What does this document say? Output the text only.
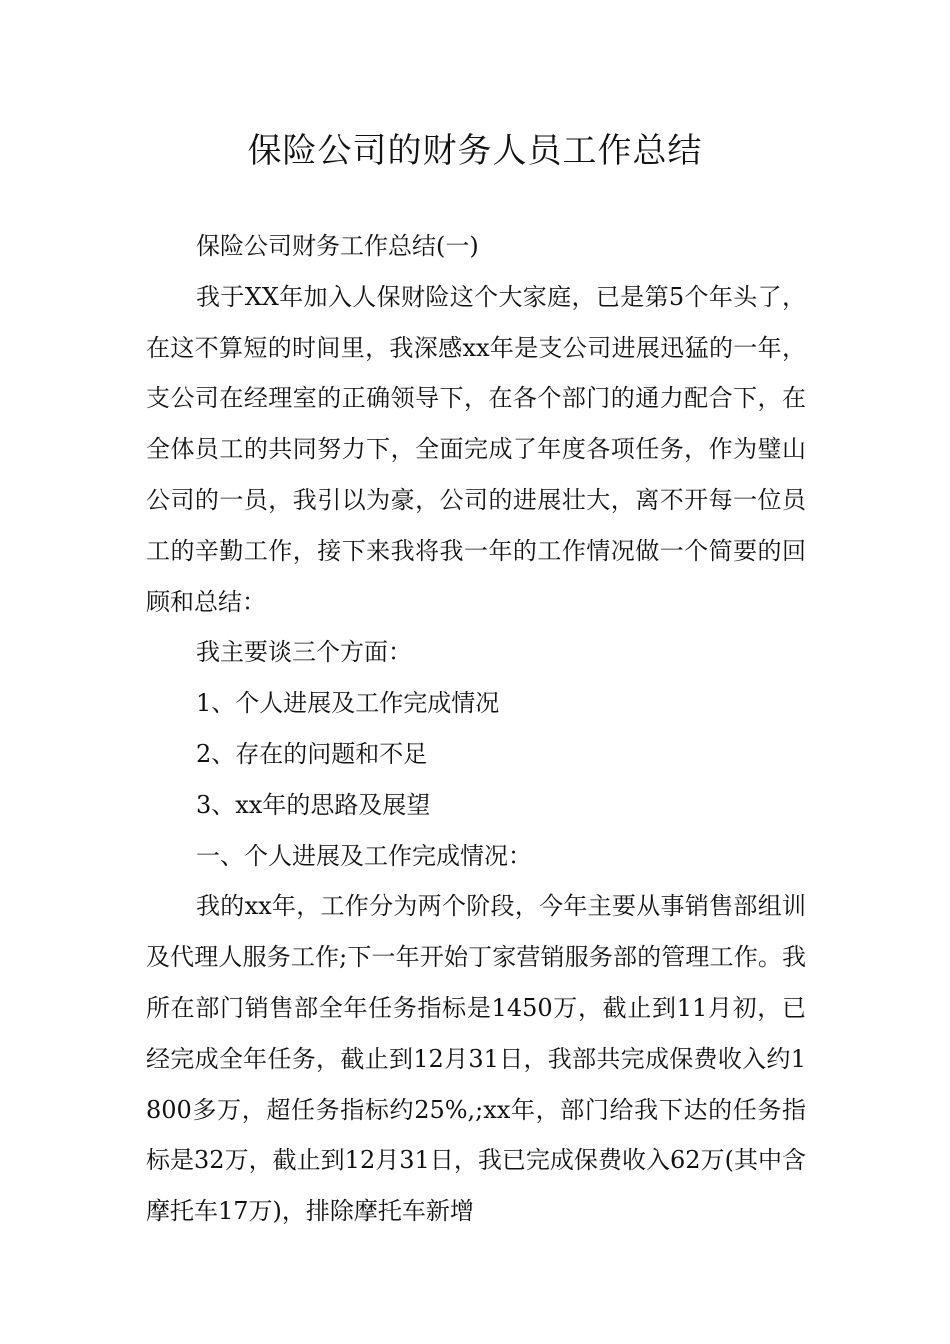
保险公司的财务人员工作总结

保险公司财务工作总结(一)

我于XX年加入人保财险这个大家庭，已是第5个年头了，在这不算短的时间里，我深感xx年是支公司进展迅猛的一年，支公司在经理室的正确领导下，在各个部门的通力配合下，在全体员工的共同努力下，全面完成了年度各项任务，作为璧山公司的一员，我引以为豪，公司的进展壮大，离不开每一位员工的辛勤工作，接下来我将我一年的工作情况做一个简要的回顾和总结：

我主要谈三个方面：

1、个人进展及工作完成情况

2、存在的问题和不足

3、xx年的思路及展望

一、个人进展及工作完成情况：

我的xx年，工作分为两个阶段，今年主要从事销售部组训及代理人服务工作;下一年开始丁家营销服务部的管理工作。我所在部门销售部全年任务指标是1450万，截止到11月初，已经完成全年任务，截止到12月31日，我部共完成保费收入约1800多万，超任务指标约25%,;xx年，部门给我下达的任务指标是32万，截止到12月31日，我已完成保费收入62万(其中含摩托车17万)，排除摩托车新增
